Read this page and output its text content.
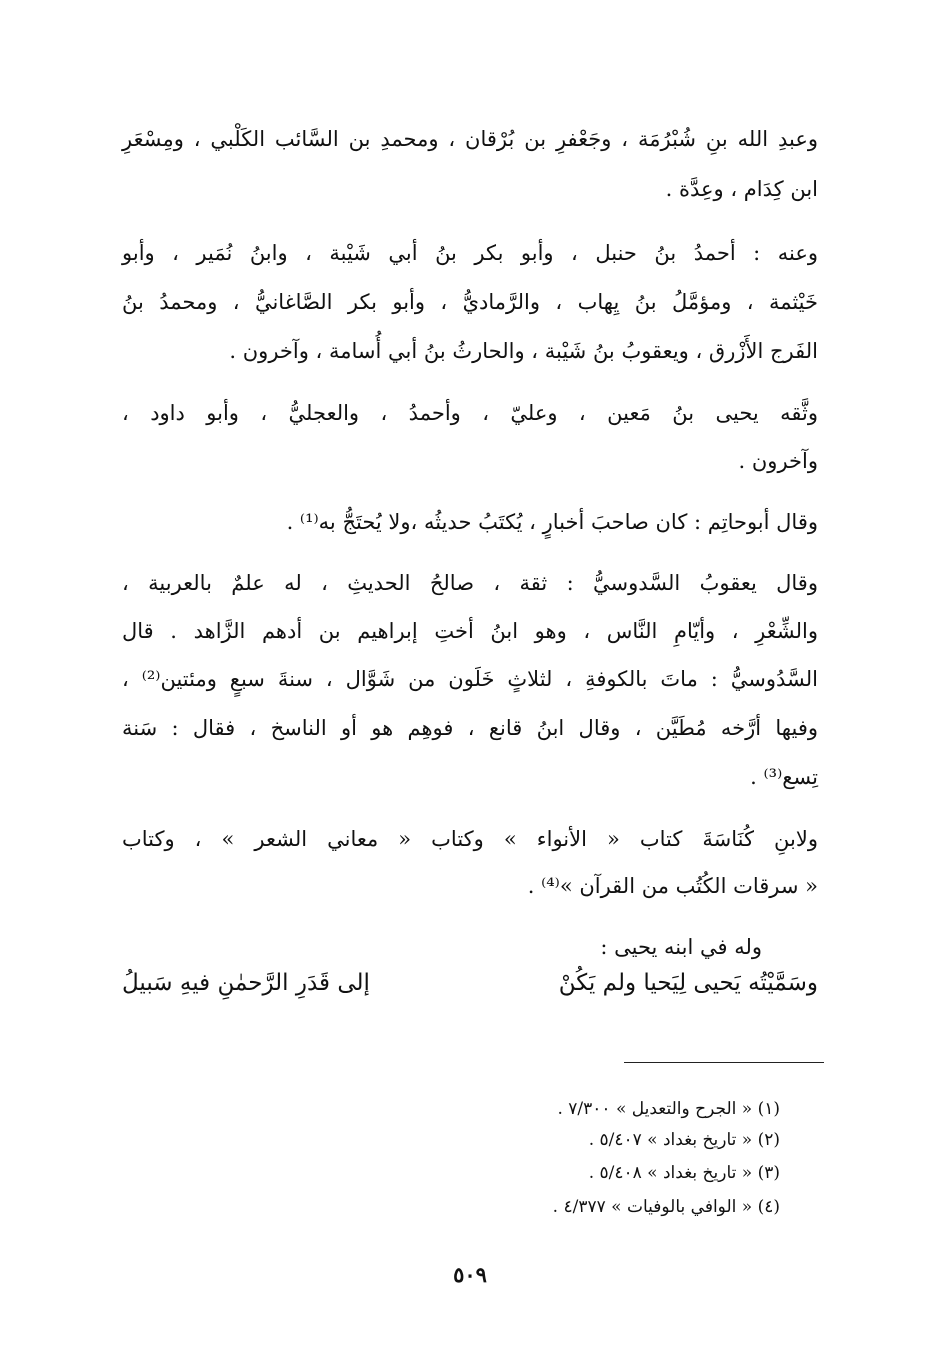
وعبدِ الله بنِ شُبْرُمَة ، وجَعْفرِ بن بُرْقان ، ومحمدِ بن السَّائب الكَلْبي ، ومِسْعَرِ
ابن كِدَام ، وعِدَّة .
وعنه : أحمدُ بنُ حنبل ، وأبو بكر بنُ أبي شَيْبة ، وابنُ نُمَير ، وأبو
خَيْثمة ، ومؤمَّلُ بنُ يِهاب ، والرَّماديُّ ، وأبو بكر الصَّاغانيُّ ، ومحمدُ بنُ
الفَرج الأَزْرق ، ويعقوبُ بنُ شَيْبة ، والحارثُ بنُ أبي أُسامة ، وآخرون .
وثَّقه يحيى بنُ مَعين ، وعليّ ، وأحمدُ ، والعجليُّ ، وأبو داود ،
وآخرون .
وقال أبوحاتِم : كان صاحبَ أخبارٍ ، يُكتَبُ حديثُه ،ولا يُحتَجُّ به⁽¹⁾ .
وقال يعقوبُ السَّدوسيُّ : ثقة ، صالحُ الحديثِ ، له علمٌ بالعربية ،
والشِّعْرِ ، وأيّامِ النَّاس ، وهو ابنُ أختِ إبراهيم بن أدهم الزَّاهد . قال
السَّدُوسيُّ : ماتَ بالكوفةِ ، لثلاثٍ خَلَون من شَوَّال ، سنةَ سبعٍ ومئتين⁽²⁾ ،
وفيها أرَّخه مُطَيَّن ، وقال ابنُ قانع ، فوهِم هو أو الناسخ ، فقال : سَنة
تِسع⁽³⁾ .
ولابنِ كُنَاسَةَ كتاب « الأنواء » وكتاب « معاني الشعر » ، وكتاب
« سرقات الكُتُب من القرآن »⁽⁴⁾ .
وله في ابنه يحيى :
وسَمَّيْتُه يَحيى لِيَحيا ولم يَكُنْ
إلى قَدَرِ الرَّحمٰنِ فيهِ سَبيلُ
(١) « الجرح والتعديل » ٧/٣٠٠ .
(٢) « تاريخ بغداد » ٥/٤٠٧ .
(٣) « تاريخ بغداد » ٥/٤٠٨ .
(٤) « الوافي بالوفيات » ٤/٣٧٧ .
٥٠٩
